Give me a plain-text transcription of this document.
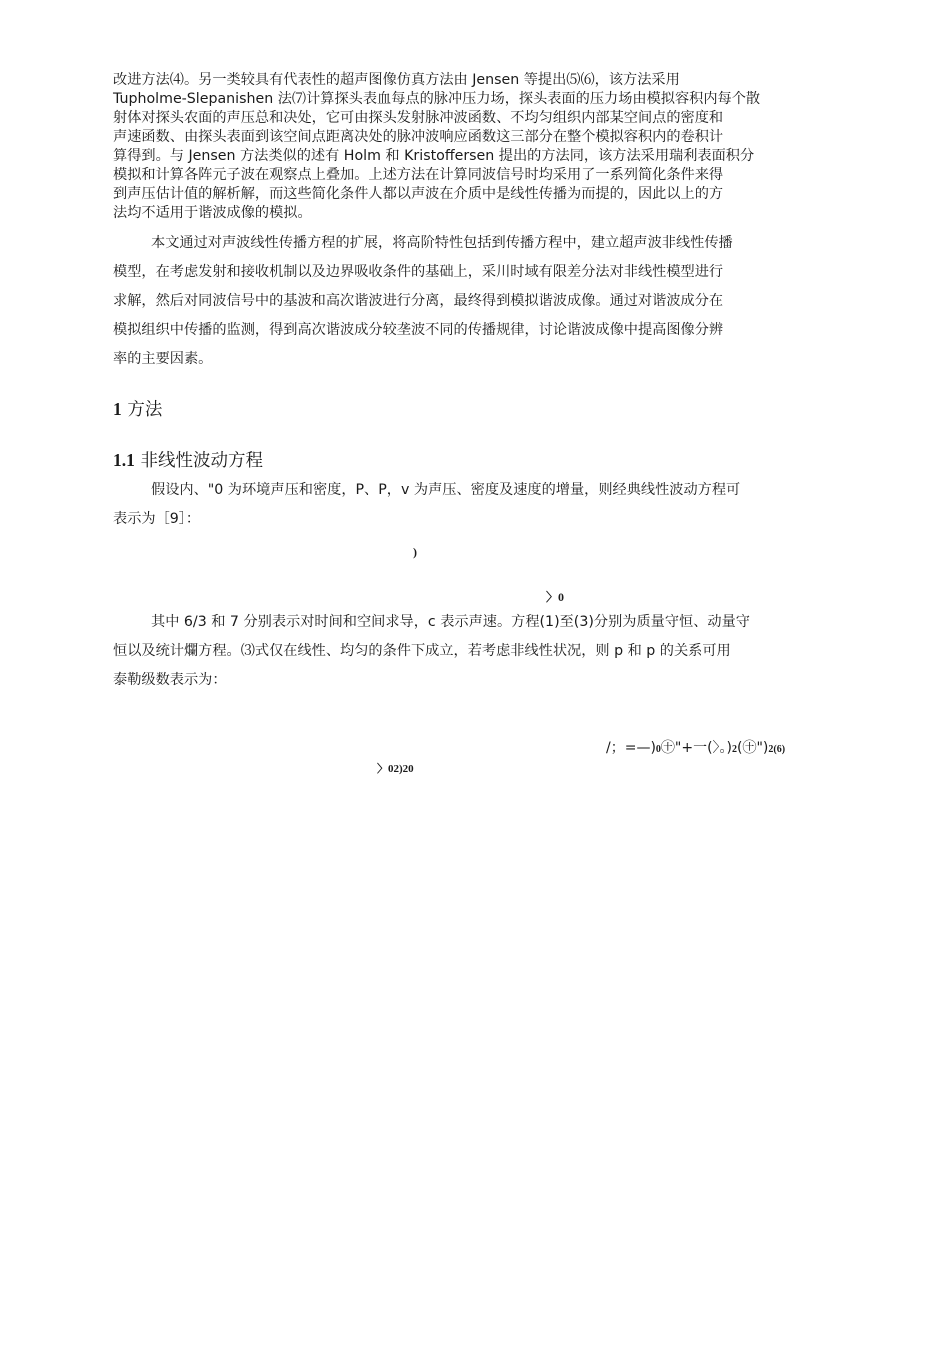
改进方法⑷。另一类较具有代表性的超声图像仿真方法由 Jensen 等提出⑸⑹，该方法采用
Tupholme-Slepanishen 法⑺计算探头表血每点的脉冲压力场，探头表面的压力场由模拟容积内每个散
射体对探头农面的声压总和决处，它可由探头发射脉冲波函数、不均匀组织内部某空间点的密度和
声速函数、由探头表面到该空间点距离决处的脉冲波响应函数这三部分在整个模拟容积内的卷积计
算得到。与 Jensen 方法类似的述有 Holm 和 Kristoffersen 提出的方法同，该方法采用瑞利表面积分
模拟和计算各阵元子波在观察点上叠加。上述方法在计算同波信号时均采用了一系列简化条件来得
到声压估计值的解析解，而这些简化条件人都以声波在介质中是线性传播为而提的，因此以上的方
法均不适用于谐波成像的模拟。
本文通过对声波线性传播方程的扩展，将高阶特性包括到传播方程中，建立超声波非线性传播
模型，在考虑发射和接收机制以及边界吸收条件的基础上，采川时域有限差分法对非线性模型进行
求解，然后对同波信号中的基波和高次谐波进行分离，最终得到模拟谐波成像。通过对谐波成分在
模拟组织中传播的监测，得到高次谐波成分较垄波不同的传播规律，讨论谐波成像中提高图像分辨
率的主要因素。
1 方法
1.1 非线性波动方程
假设内、"0 为环境声压和密度，P、P，v 为声压、密度及速度的增量，则经典线性波动方程可
表示为［9］：
)
〉0
其中 6/3 和 7 分别表示对时间和空间求导，c 表示声速。方程(1)至(3)分别为质量守恒、动量守
恒以及统计爛方程。⑶式仅在线性、均匀的条件下成立，若考虑非线性状况，则 p 和 p 的关系可用
泰勒级数表示为：
/；=—)0㊉"+一(〉。)2(㊉")2(6)
〉02)20
